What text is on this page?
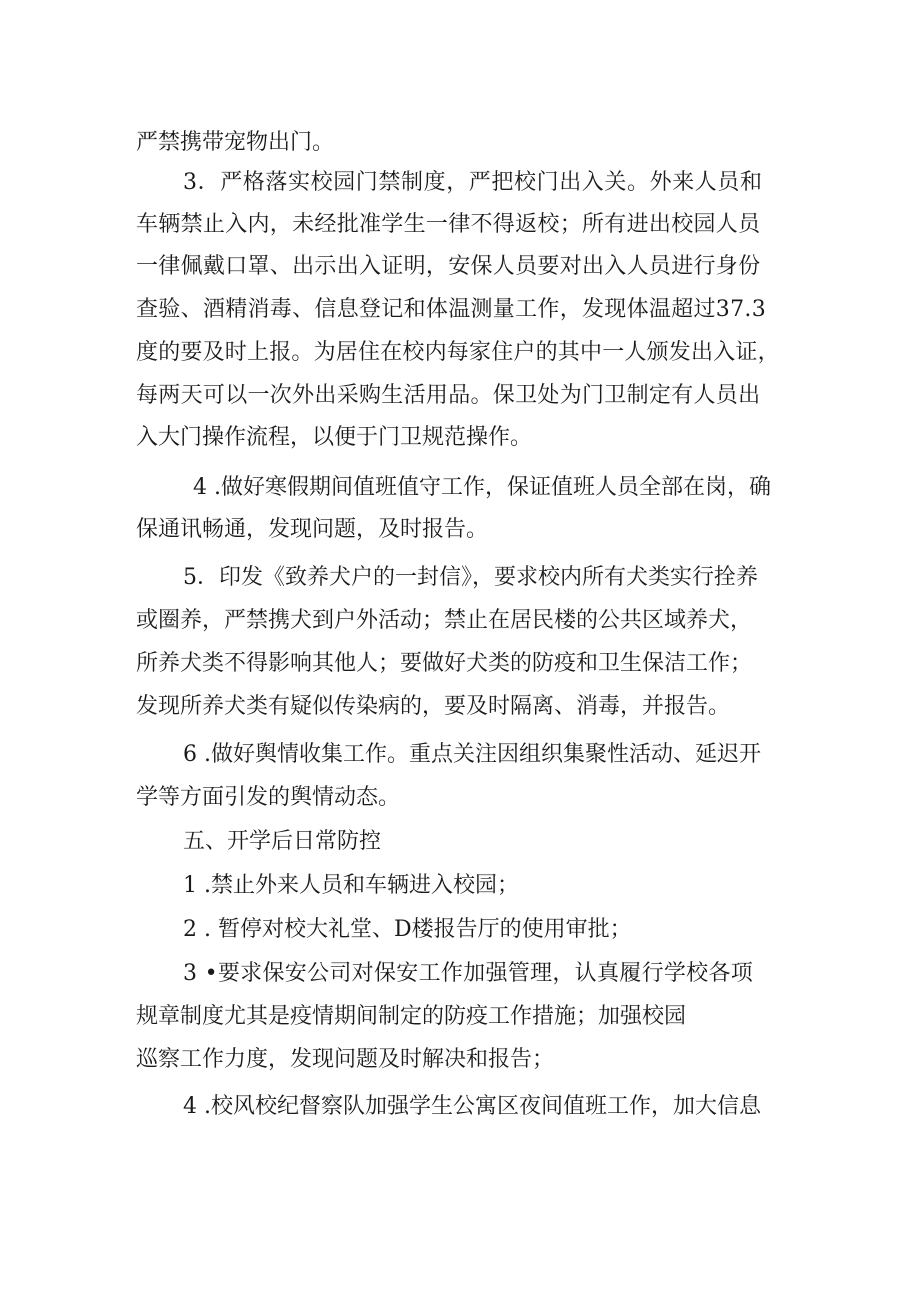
严禁携带宠物出门。
3．严格落实校园门禁制度，严把校门出入关。外来人员和
车辆禁止入内，未经批准学生一律不得返校；所有进出校园人员
一律佩戴口罩、出示出入证明，安保人员要对出入人员进行身份
查验、酒精消毒、信息登记和体温测量工作，发现体温超过37.3
度的要及时上报。为居住在校内每家住户的其中一人颁发出入证，
每两天可以一次外出采购生活用品。保卫处为门卫制定有人员出
入大门操作流程，以便于门卫规范操作。
4 .做好寒假期间值班值守工作，保证值班人员全部在岗，确
保通讯畅通，发现问题，及时报告。
5．印发《致养犬户的一封信》，要求校内所有犬类实行拴养
或圈养，严禁携犬到户外活动；禁止在居民楼的公共区域养犬，
所养犬类不得影响其他人；要做好犬类的防疫和卫生保洁工作；
发现所养犬类有疑似传染病的，要及时隔离、消毒，并报告。
6 .做好舆情收集工作。重点关注因组织集聚性活动、延迟开
学等方面引发的舆情动态。
五、开学后日常防控
1 .禁止外来人员和车辆进入校园；
2 . 暂停对校大礼堂、D楼报告厅的使用审批；
3 •要求保安公司对保安工作加强管理，认真履行学校各项
规章制度尤其是疫情期间制定的防疫工作措施；加强校园
巡察工作力度，发现问题及时解决和报告；
4 .校风校纪督察队加强学生公寓区夜间值班工作，加大信息
